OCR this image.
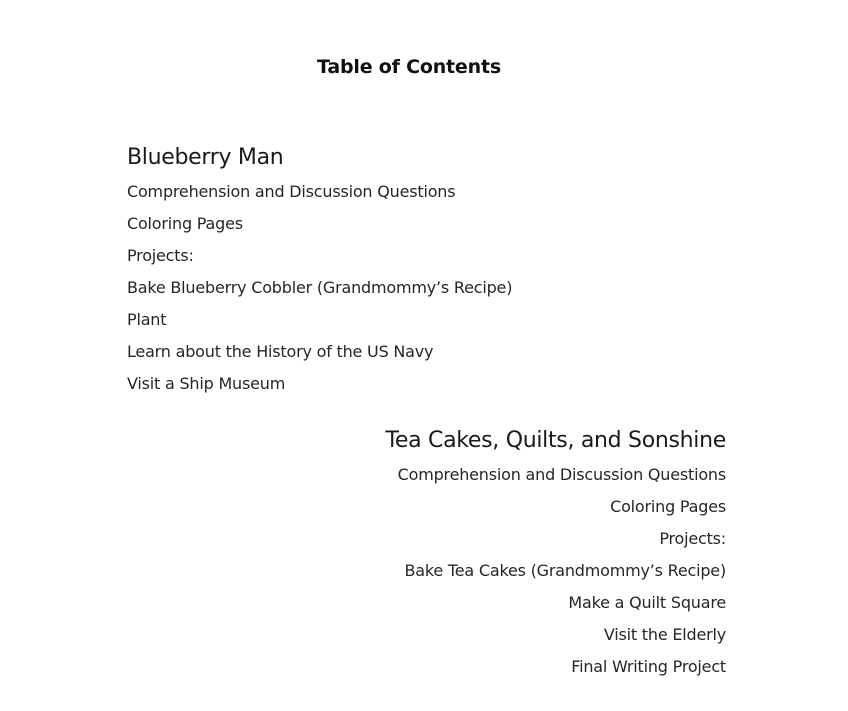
Table of Contents
Blueberry Man
Comprehension and Discussion Questions
Coloring Pages
Projects:
Bake Blueberry Cobbler (Grandmommy’s Recipe)
Plant
Learn about the History of the US Navy
Visit a Ship Museum
Tea Cakes, Quilts, and Sonshine
Comprehension and Discussion Questions
Coloring Pages
Projects:
Bake Tea Cakes (Grandmommy’s Recipe)
Make a Quilt Square
Visit the Elderly
Final Writing Project
